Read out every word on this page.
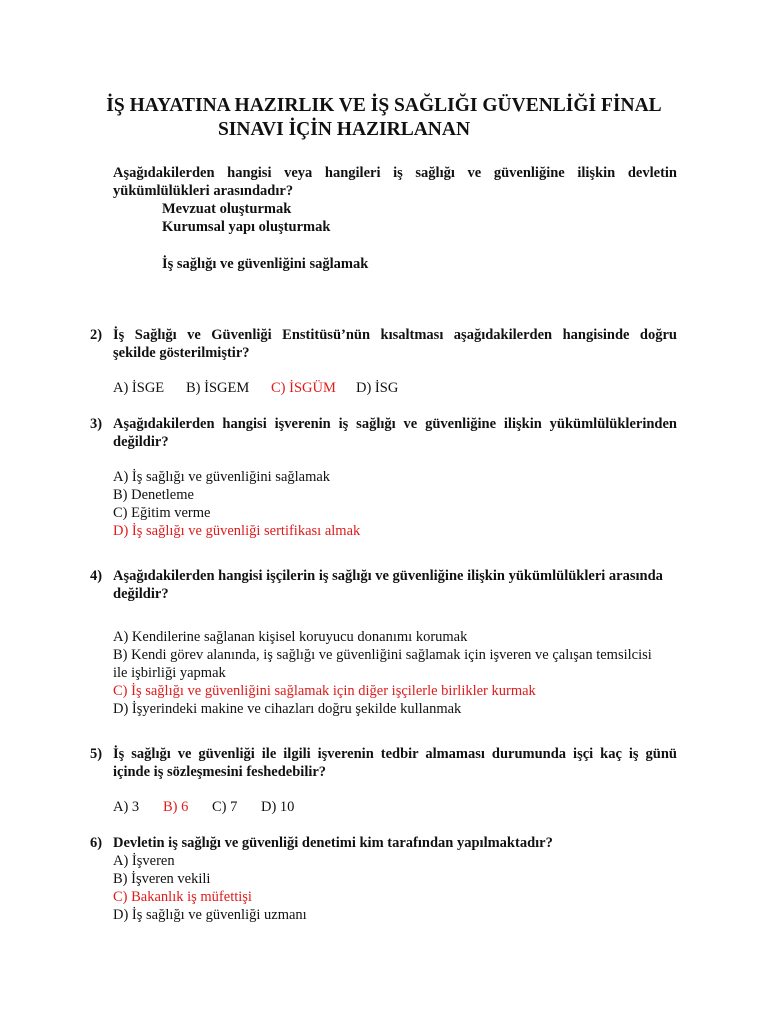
İŞ HAYATINA HAZIRLIK VE İŞ SAĞLIĞI GÜVENLİĞİ FİNAL
SINAVI İÇİN HAZIRLANAN
Aşağıdakilerden hangisi veya hangileri iş sağlığı ve güvenliğine ilişkin devletin
yükümlülükleri arasındadır?
Mevzuat oluşturmak
Kurumsal yapı oluşturmak
İş sağlığı ve güvenliğini sağlamak
2) İş Sağlığı ve Güvenliği Enstitüsü’nün kısaltması aşağıdakilerden hangisinde doğru
şekilde gösterilmiştir?
A) İSGE B) İSGEM C) İSGÜM D) İSG
3) Aşağıdakilerden hangisi işverenin iş sağlığı ve güvenliğine ilişkin yükümlülüklerinden
değildir?
A) İş sağlığı ve güvenliğini sağlamak
B) Denetleme
C) Eğitim verme
D) İş sağlığı ve güvenliği sertifikası almak
4) Aşağıdakilerden hangisi işçilerin iş sağlığı ve güvenliğine ilişkin yükümlülükleri arasında
değildir?
A) Kendilerine sağlanan kişisel koruyucu donanımı korumak
B) Kendi görev alanında, iş sağlığı ve güvenliğini sağlamak için işveren ve çalışan temsilcisi
ile işbirliği yapmak
C) İş sağlığı ve güvenliğini sağlamak için diğer işçilerle birlikler kurmak
D) İşyerindeki makine ve cihazları doğru şekilde kullanmak
5) İş sağlığı ve güvenliği ile ilgili işverenin tedbir almaması durumunda işçi kaç iş günü
içinde iş sözleşmesini feshedebilir?
A) 3 B) 6 C) 7 D) 10
6) Devletin iş sağlığı ve güvenliği denetimi kim tarafından yapılmaktadır?
A) İşveren
B) İşveren vekili
C) Bakanlık iş müfettişi
D) İş sağlığı ve güvenliği uzmanı
